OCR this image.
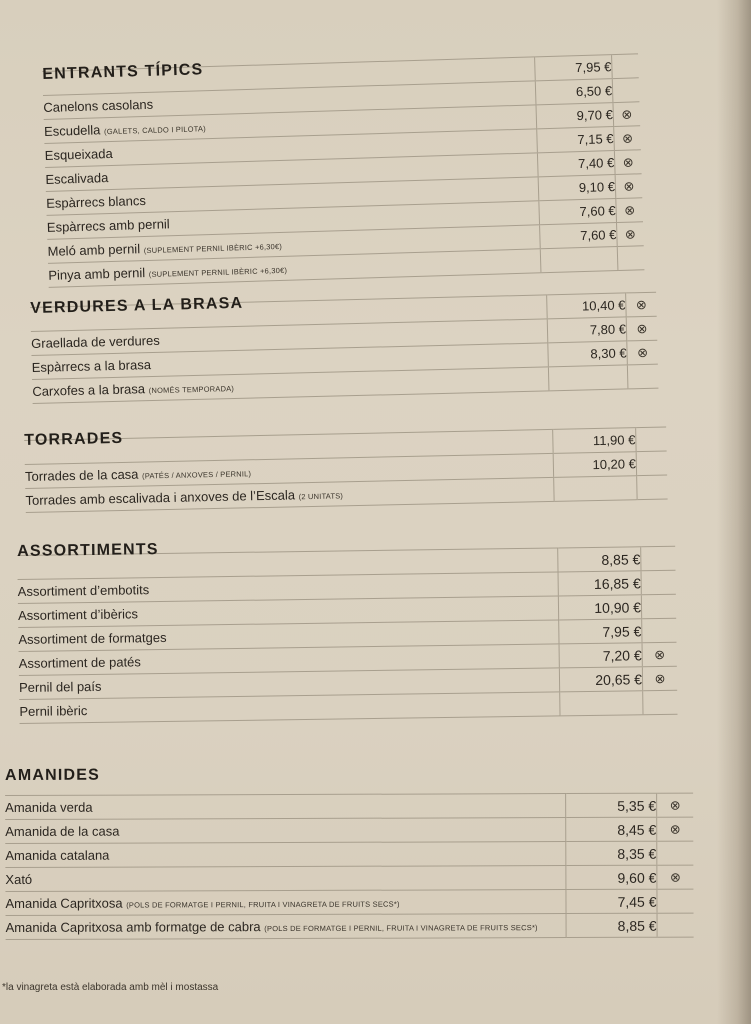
ENTRANTS TÍPICS
		7,95 €	
Canelons casolans	6,50 €	
Escudella (GALETS, CALDO I PILOTA)	9,70 €	⊗
Esqueixada	7,15 €	⊗
Escalivada	7,40 €	⊗
Espàrrecs blancs	9,10 €	⊗
Espàrrecs amb pernil	7,60 €	⊗
Meló amb pernil (SUPLEMENT PERNIL IBÈRIC +6,30€)	7,60 €	⊗
Pinya amb pernil (SUPLEMENT PERNIL IBÈRIC +6,30€)		
VERDURES A LA BRASA
		10,40 €	⊗
Graellada de verdures	7,80 €	⊗
Espàrrecs a la brasa	8,30 €	⊗
Carxofes a la brasa (NOMÉS TEMPORADA)		
TORRADES
		11,90 €	
Torrades de la casa (PATÉS / ANXOVES / PERNIL)	10,20 €	
Torrades amb escalivada i anxoves de l’Escala (2 UNITATS)		
ASSORTIMENTS
		8,85 €	
Assortiment d’embotits	16,85 €	
Assortiment d’ibèrics	10,90 €	
Assortiment de formatges	7,95 €	
Assortiment de patés	7,20 €	⊗
Pernil del país	20,65 €	⊗
Pernil ibèric		
AMANIDES
Amanida verda	5,35 €	⊗
Amanida de la casa	8,45 €	⊗
Amanida catalana	8,35 €	
Xató	9,60 €	⊗
Amanida Capritxosa (POLS DE FORMATGE I PERNIL, FRUITA I VINAGRETA DE FRUITS SECS*)	7,45 €	
Amanida Capritxosa amb formatge de cabra (POLS DE FORMATGE I PERNIL, FRUITA I VINAGRETA DE FRUITS SECS*)	8,85 €	
*la vinagreta està elaborada amb mèl i mostassa
